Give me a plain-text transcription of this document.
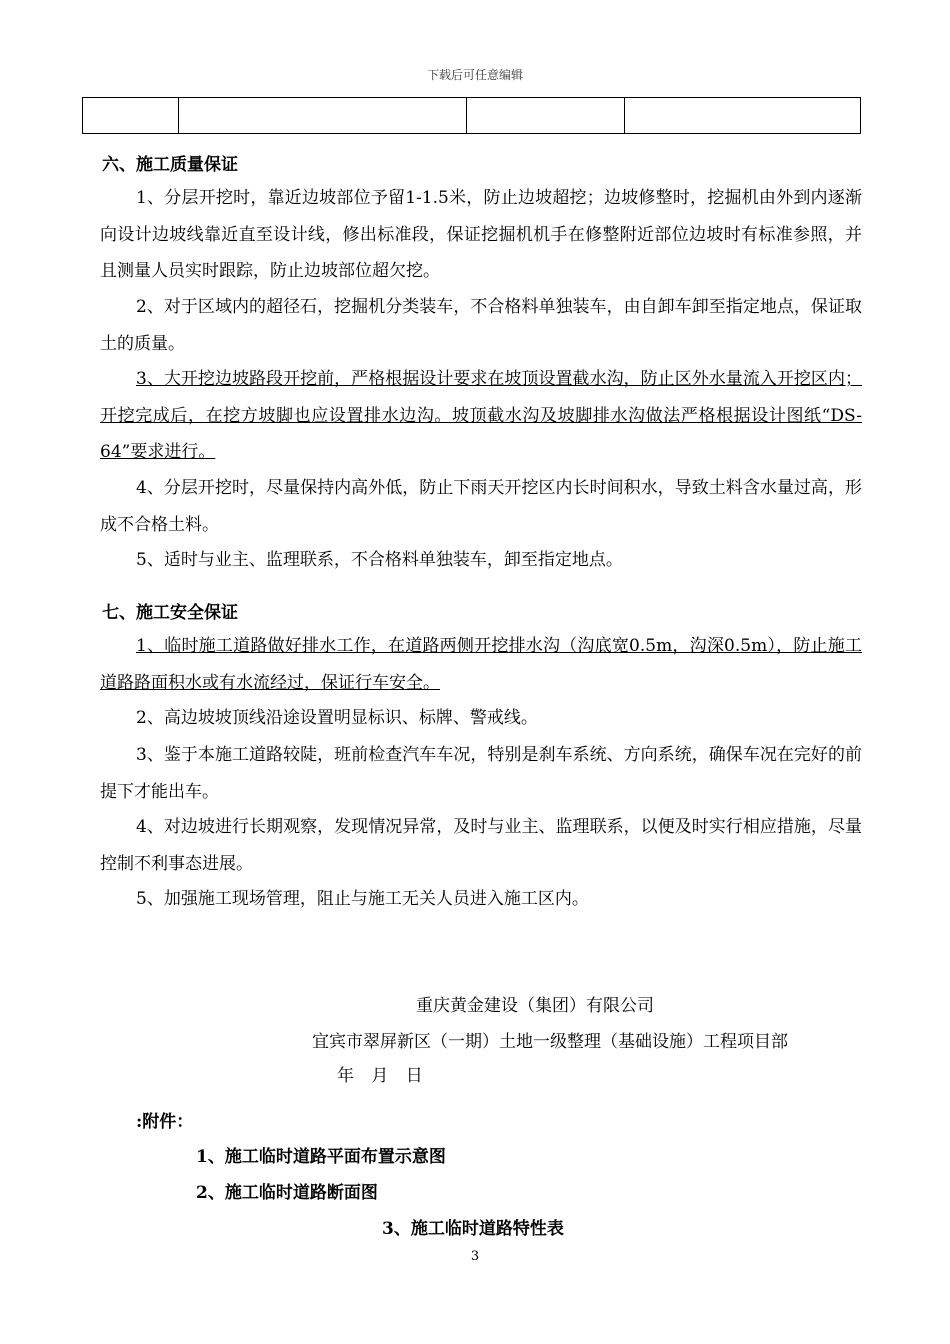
下载后可任意编辑

六、施工质量保证
1、分层开挖时，靠近边坡部位予留1-1.5米，防止边坡超挖；边坡修整时，挖掘机由外到内逐渐向设计边坡线靠近直至设计线，修出标准段，保证挖掘机机手在修整附近部位边坡时有标准参照，并且测量人员实时跟踪，防止边坡部位超欠挖。
2、对于区域内的超径石，挖掘机分类装车，不合格料单独装车，由自卸车卸至指定地点，保证取土的质量。
3、大开挖边坡路段开挖前，严格根据设计要求在坡顶设置截水沟，防止区外水量流入开挖区内；开挖完成后，在挖方坡脚也应设置排水边沟。坡顶截水沟及坡脚排水沟做法严格根据设计图纸“DS-64”要求进行。
4、分层开挖时，尽量保持内高外低，防止下雨天开挖区内长时间积水，导致土料含水量过高，形成不合格土料。
5、适时与业主、监理联系，不合格料单独装车，卸至指定地点。
七、施工安全保证
1、临时施工道路做好排水工作，在道路两侧开挖排水沟（沟底宽0.5m，沟深0.5m），防止施工道路路面积水或有水流经过，保证行车安全。
2、高边坡坡顶线沿途设置明显标识、标牌、警戒线。
3、鉴于本施工道路较陡，班前检查汽车车况，特别是刹车系统、方向系统，确保车况在完好的前提下才能出车。
4、对边坡进行长期观察，发现情况异常，及时与业主、监理联系，以便及时实行相应措施，尽量控制不利事态进展。
5、加强施工现场管理，阻止与施工无关人员进入施工区内。
重庆黄金建设（集团）有限公司
宜宾市翠屏新区（一期）土地一级整理（基础设施）工程项目部
年 月 日
:附件：
1、施工临时道路平面布置示意图
2、施工临时道路断面图
3、施工临时道路特性表
3
